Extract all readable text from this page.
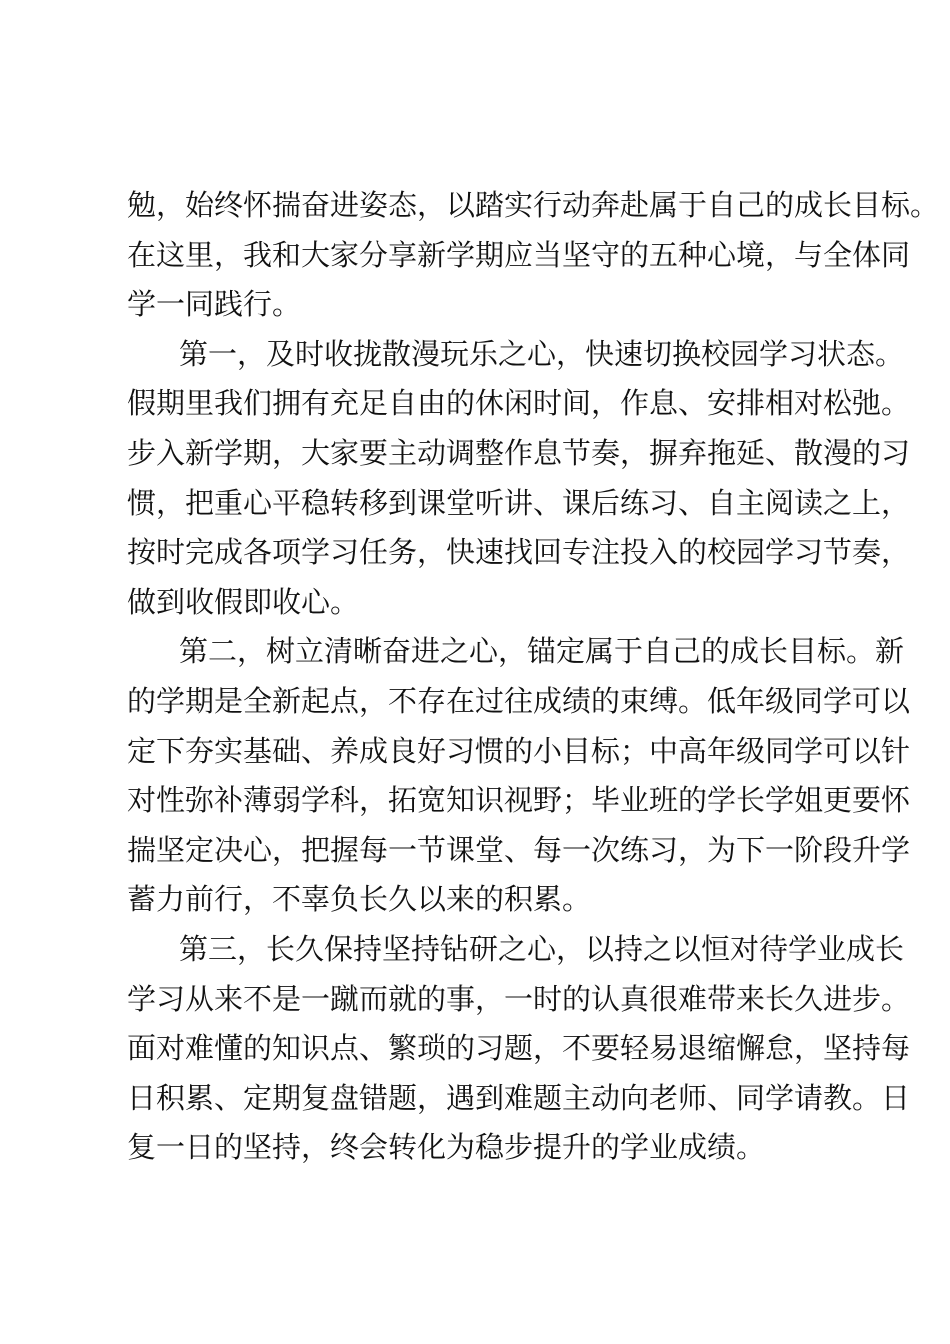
勉，始终怀揣奋进姿态，以踏实行动奔赴属于自己的成长目标。
在这里，我和大家分享新学期应当坚守的五种心境，与全体同
学一同践行。
第一，及时收拢散漫玩乐之心，快速切换校园学习状态。
假期里我们拥有充足自由的休闲时间，作息、安排相对松弛。
步入新学期，大家要主动调整作息节奏，摒弃拖延、散漫的习
惯，把重心平稳转移到课堂听讲、课后练习、自主阅读之上，
按时完成各项学习任务，快速找回专注投入的校园学习节奏，
做到收假即收心。
第二，树立清晰奋进之心，锚定属于自己的成长目标。新
的学期是全新起点，不存在过往成绩的束缚。低年级同学可以
定下夯实基础、养成良好习惯的小目标；中高年级同学可以针
对性弥补薄弱学科，拓宽知识视野；毕业班的学长学姐更要怀
揣坚定决心，把握每一节课堂、每一次练习，为下一阶段升学
蓄力前行，不辜负长久以来的积累。
第三，长久保持坚持钻研之心，以持之以恒对待学业成长
学习从来不是一蹴而就的事，一时的认真很难带来长久进步。
面对难懂的知识点、繁琐的习题，不要轻易退缩懈怠，坚持每
日积累、定期复盘错题，遇到难题主动向老师、同学请教。日
复一日的坚持，终会转化为稳步提升的学业成绩。
